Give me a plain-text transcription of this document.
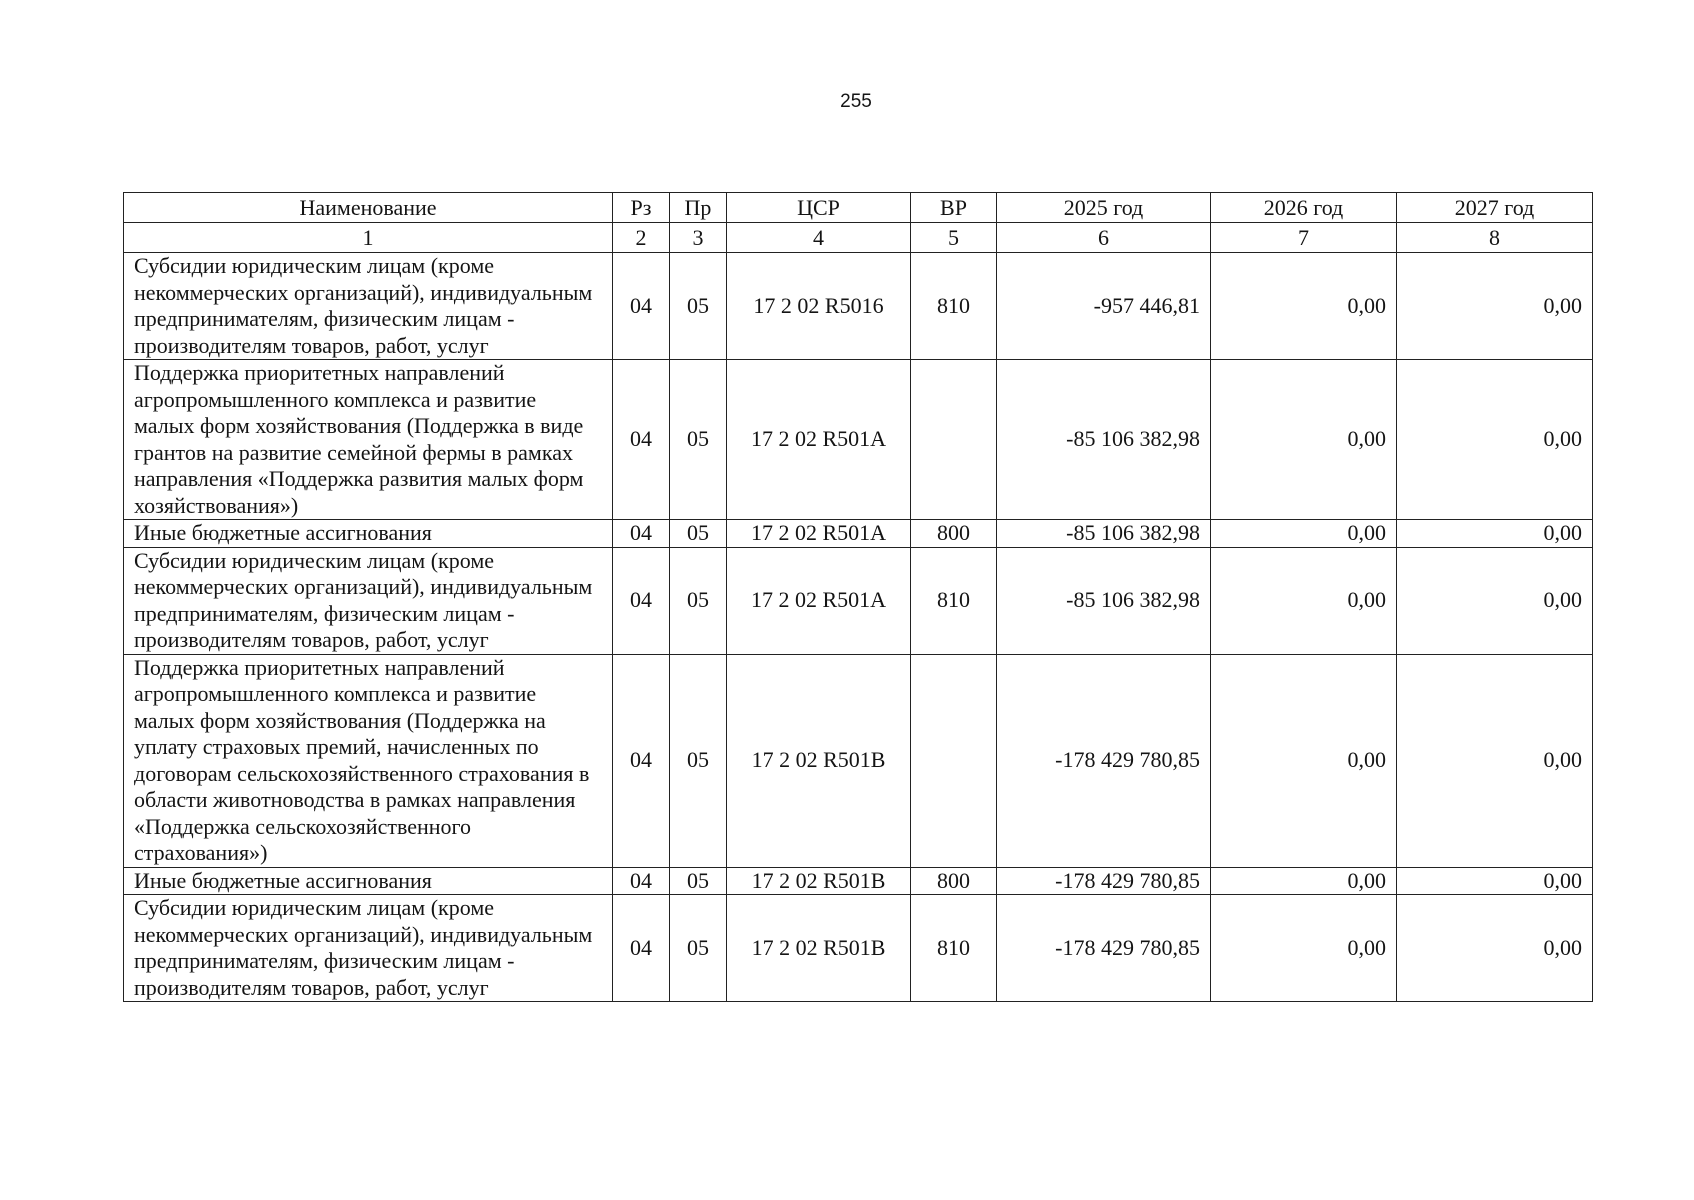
255
Наименование	Рз	Пр	ЦСР	ВР	2025 год	2026 год	2027 год
1	2	3	4	5	6	7	8
Субсидии юридическим лицам (кроме некоммерческих организаций), индивидуальным предпринимателям, физическим лицам - производителям товаров, работ, услуг	04	05	17 2 02 R5016	810	-957 446,81	0,00	0,00
Поддержка приоритетных направлений агропромышленного комплекса и развитие малых форм хозяйствования (Поддержка в виде грантов на развитие семейной фермы в рамках направления «Поддержка развития малых форм хозяйствования»)	04	05	17 2 02 R501A		-85 106 382,98	0,00	0,00
Иные бюджетные ассигнования	04	05	17 2 02 R501A	800	-85 106 382,98	0,00	0,00
Субсидии юридическим лицам (кроме некоммерческих организаций), индивидуальным предпринимателям, физическим лицам - производителям товаров, работ, услуг	04	05	17 2 02 R501A	810	-85 106 382,98	0,00	0,00
Поддержка приоритетных направлений агропромышленного комплекса и развитие малых форм хозяйствования (Поддержка на уплату страховых премий, начисленных по договорам сельскохозяйственного страхования в области животноводства в рамках направления «Поддержка сельскохозяйственного страхования»)	04	05	17 2 02 R501B		-178 429 780,85	0,00	0,00
Иные бюджетные ассигнования	04	05	17 2 02 R501B	800	-178 429 780,85	0,00	0,00
Субсидии юридическим лицам (кроме некоммерческих организаций), индивидуальным предпринимателям, физическим лицам - производителям товаров, работ, услуг	04	05	17 2 02 R501B	810	-178 429 780,85	0,00	0,00
